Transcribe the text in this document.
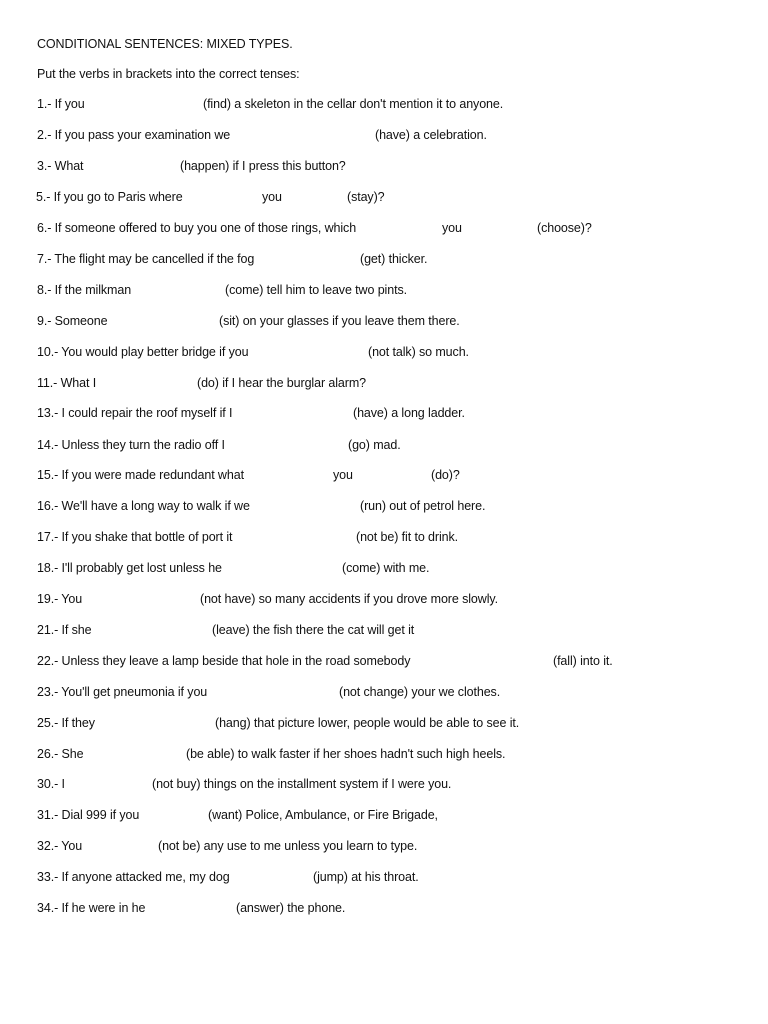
CONDITIONAL SENTENCES: MIXED TYPES.
Put the verbs in brackets into the correct tenses:
1.- If you	(find) a skeleton in the cellar don't mention it to anyone.
2.- If you pass your examination we	(have) a celebration.
3.- What	(happen) if I press this button?
5.- If you go to Paris where	you	(stay)?
6.- If someone offered to buy you one of those rings, which	you	(choose)?
7.- The flight may be cancelled if the fog	(get) thicker.
8.- If the milkman	(come) tell him to leave two pints.
9.- Someone	(sit) on your glasses if you leave them there.
10.- You would play better bridge if you	(not talk) so much.
11.- What I	(do) if I hear the burglar alarm?
13.- I could repair the roof myself if I	(have) a long ladder.
14.- Unless they turn the radio off I	(go) mad.
15.- If you were made redundant what	you	(do)?
16.- We'll have a long way to walk if we	(run) out of petrol here.
17.- If you shake that bottle of port it	(not be) fit to drink.
18.- I'll probably get lost unless he	(come) with me.
19.- You	(not have) so many accidents if you drove more slowly.
21.- If she	(leave) the fish there the cat will get it
22.- Unless they leave a lamp beside that hole in the road somebody	(fall) into it.
23.- You'll get pneumonia if you	(not change) your we clothes.
25.- If they	(hang) that picture lower, people would be able to see it.
26.- She	(be able) to walk faster if her shoes hadn't such high heels.
30.- I	(not buy) things on the installment system if I were you.
31.- Dial 999 if you	(want) Police, Ambulance, or Fire Brigade,
32.- You	(not be) any use to me unless you learn to type.
33.- If anyone attacked me, my dog	(jump) at his throat.
34.- If he were in he	(answer) the phone.
